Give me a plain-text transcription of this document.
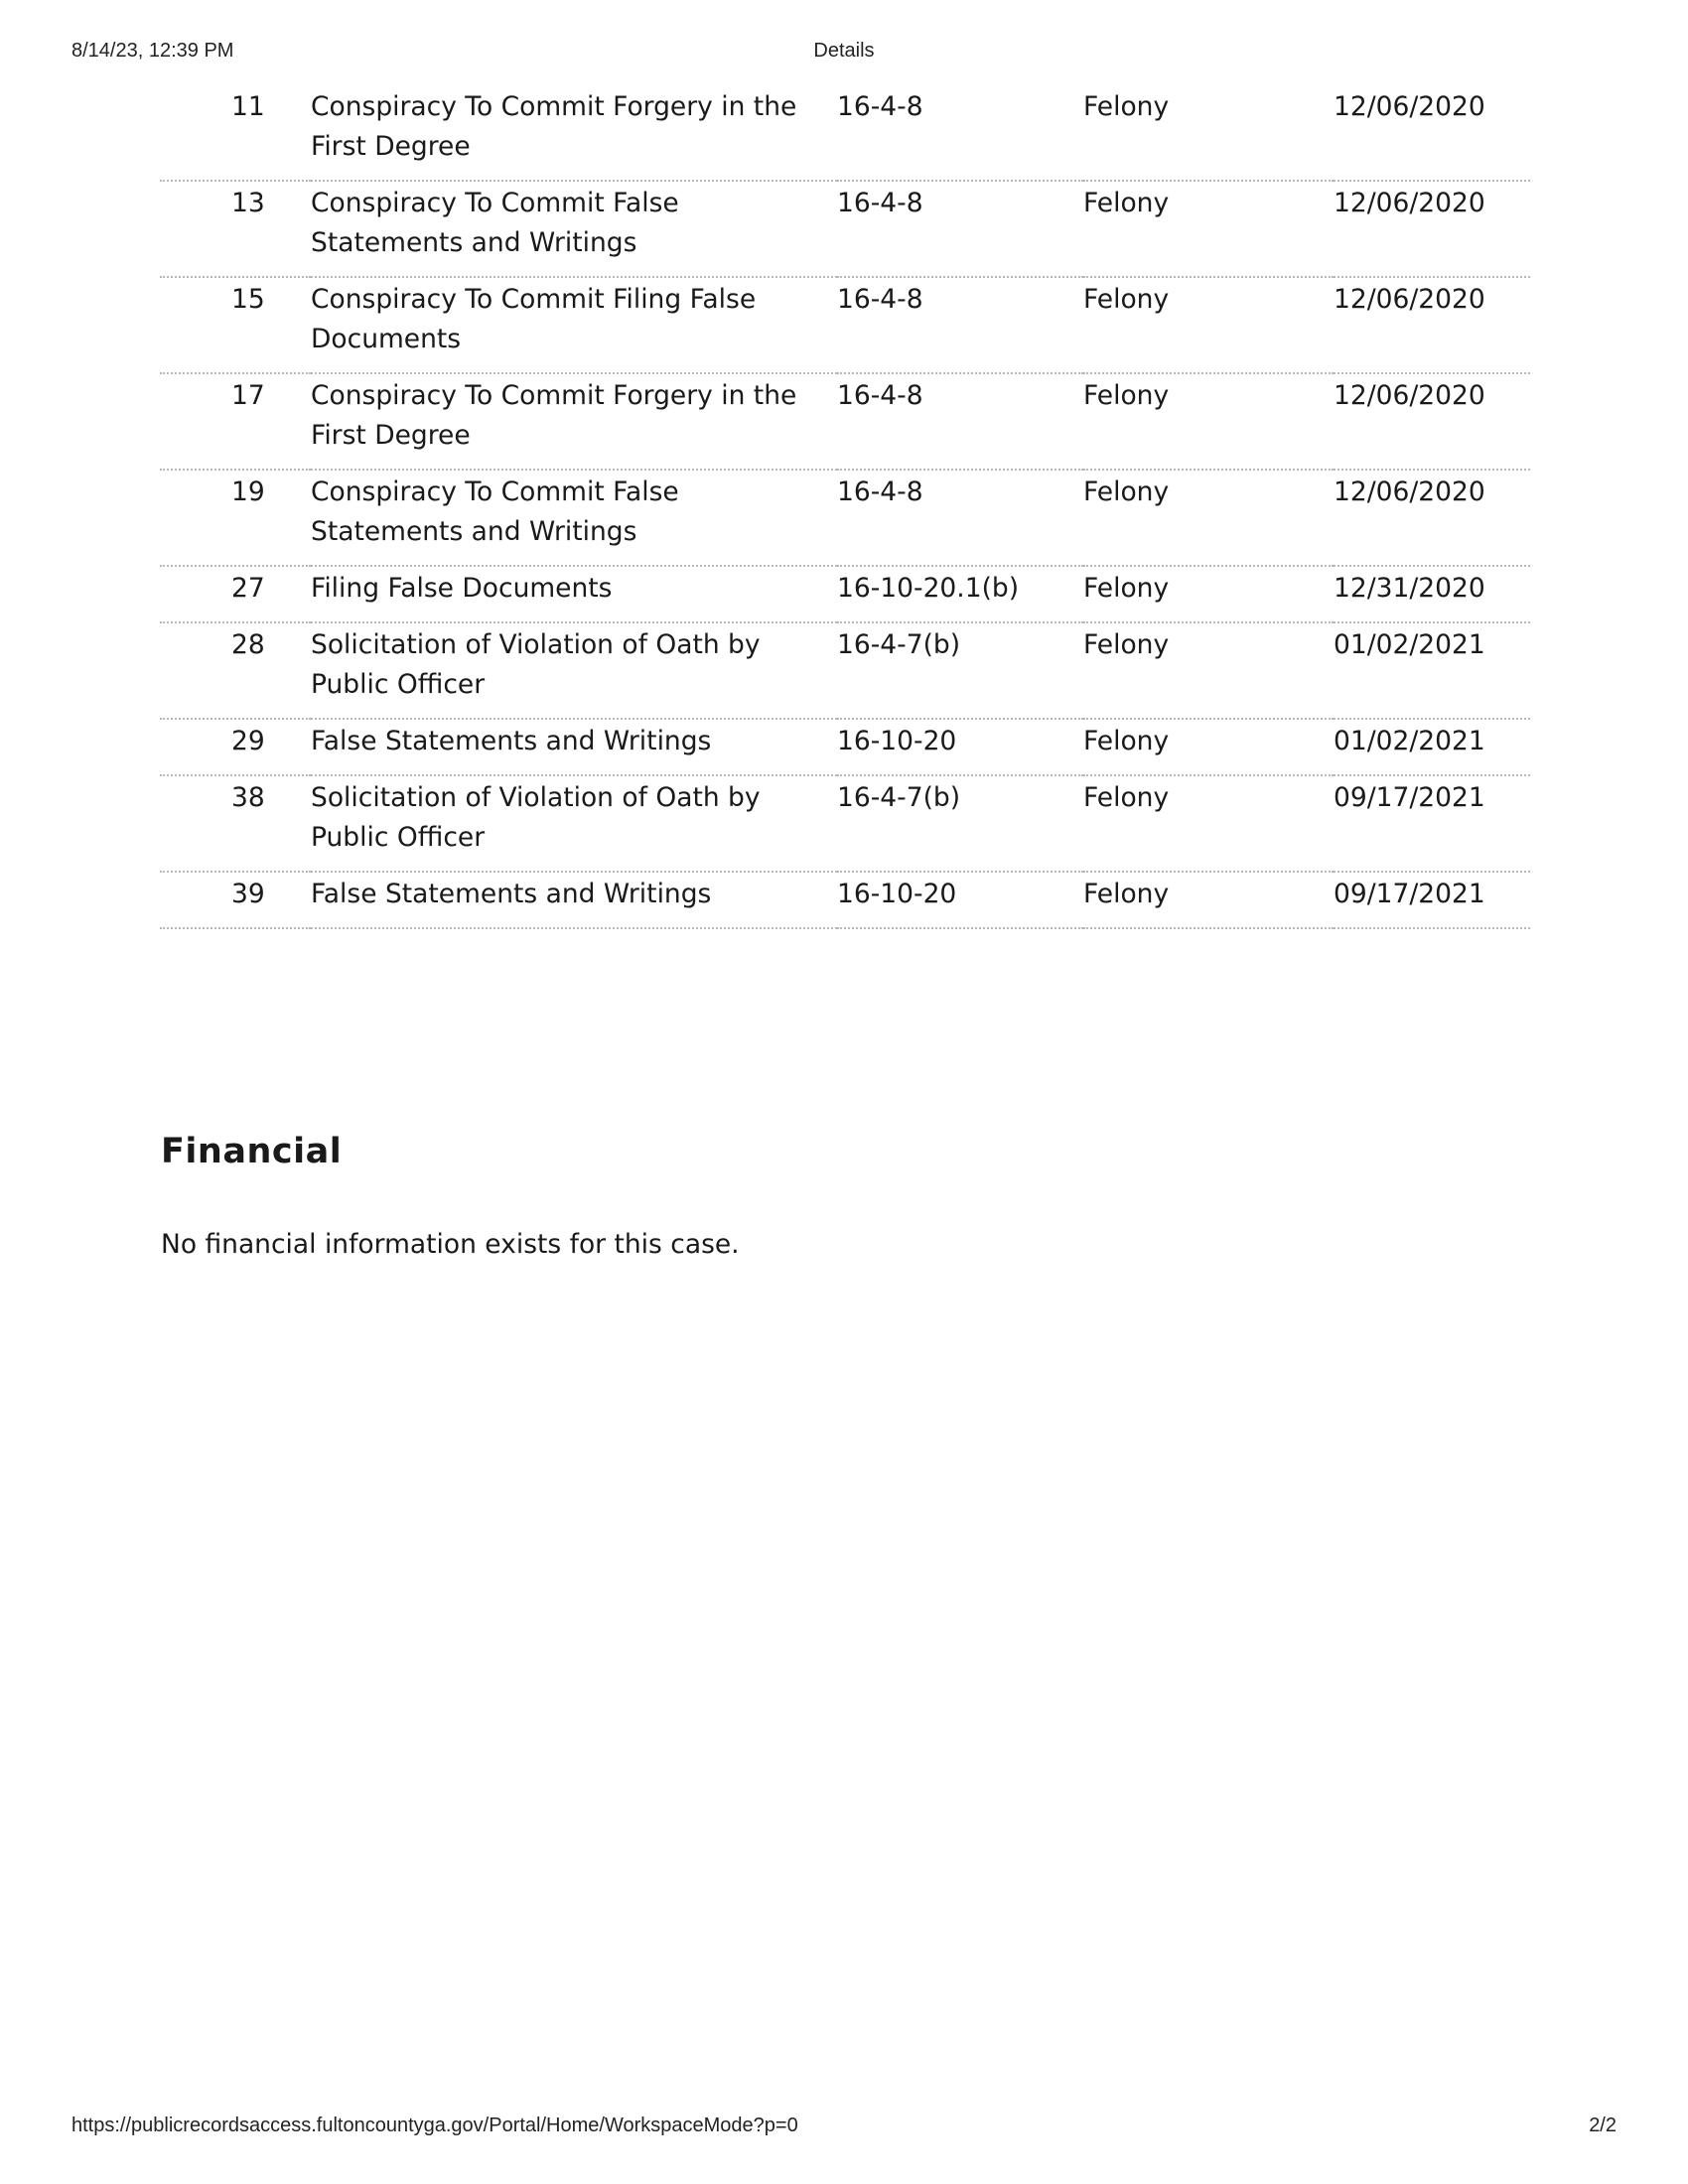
8/14/23, 12:39 PM	Details
11	Conspiracy To Commit Forgery in the First Degree	16-4-8	Felony	12/06/2020
13	Conspiracy To Commit False Statements and Writings	16-4-8	Felony	12/06/2020
15	Conspiracy To Commit Filing False Documents	16-4-8	Felony	12/06/2020
17	Conspiracy To Commit Forgery in the First Degree	16-4-8	Felony	12/06/2020
19	Conspiracy To Commit False Statements and Writings	16-4-8	Felony	12/06/2020
27	Filing False Documents	16-10-20.1(b)	Felony	12/31/2020
28	Solicitation of Violation of Oath by Public Officer	16-4-7(b)	Felony	01/02/2021
29	False Statements and Writings	16-10-20	Felony	01/02/2021
38	Solicitation of Violation of Oath by Public Officer	16-4-7(b)	Felony	09/17/2021
39	False Statements and Writings	16-10-20	Felony	09/17/2021
Financial

No financial information exists for this case.

https://publicrecordsaccess.fultoncountyga.gov/Portal/Home/WorkspaceMode?p=0	2/2
